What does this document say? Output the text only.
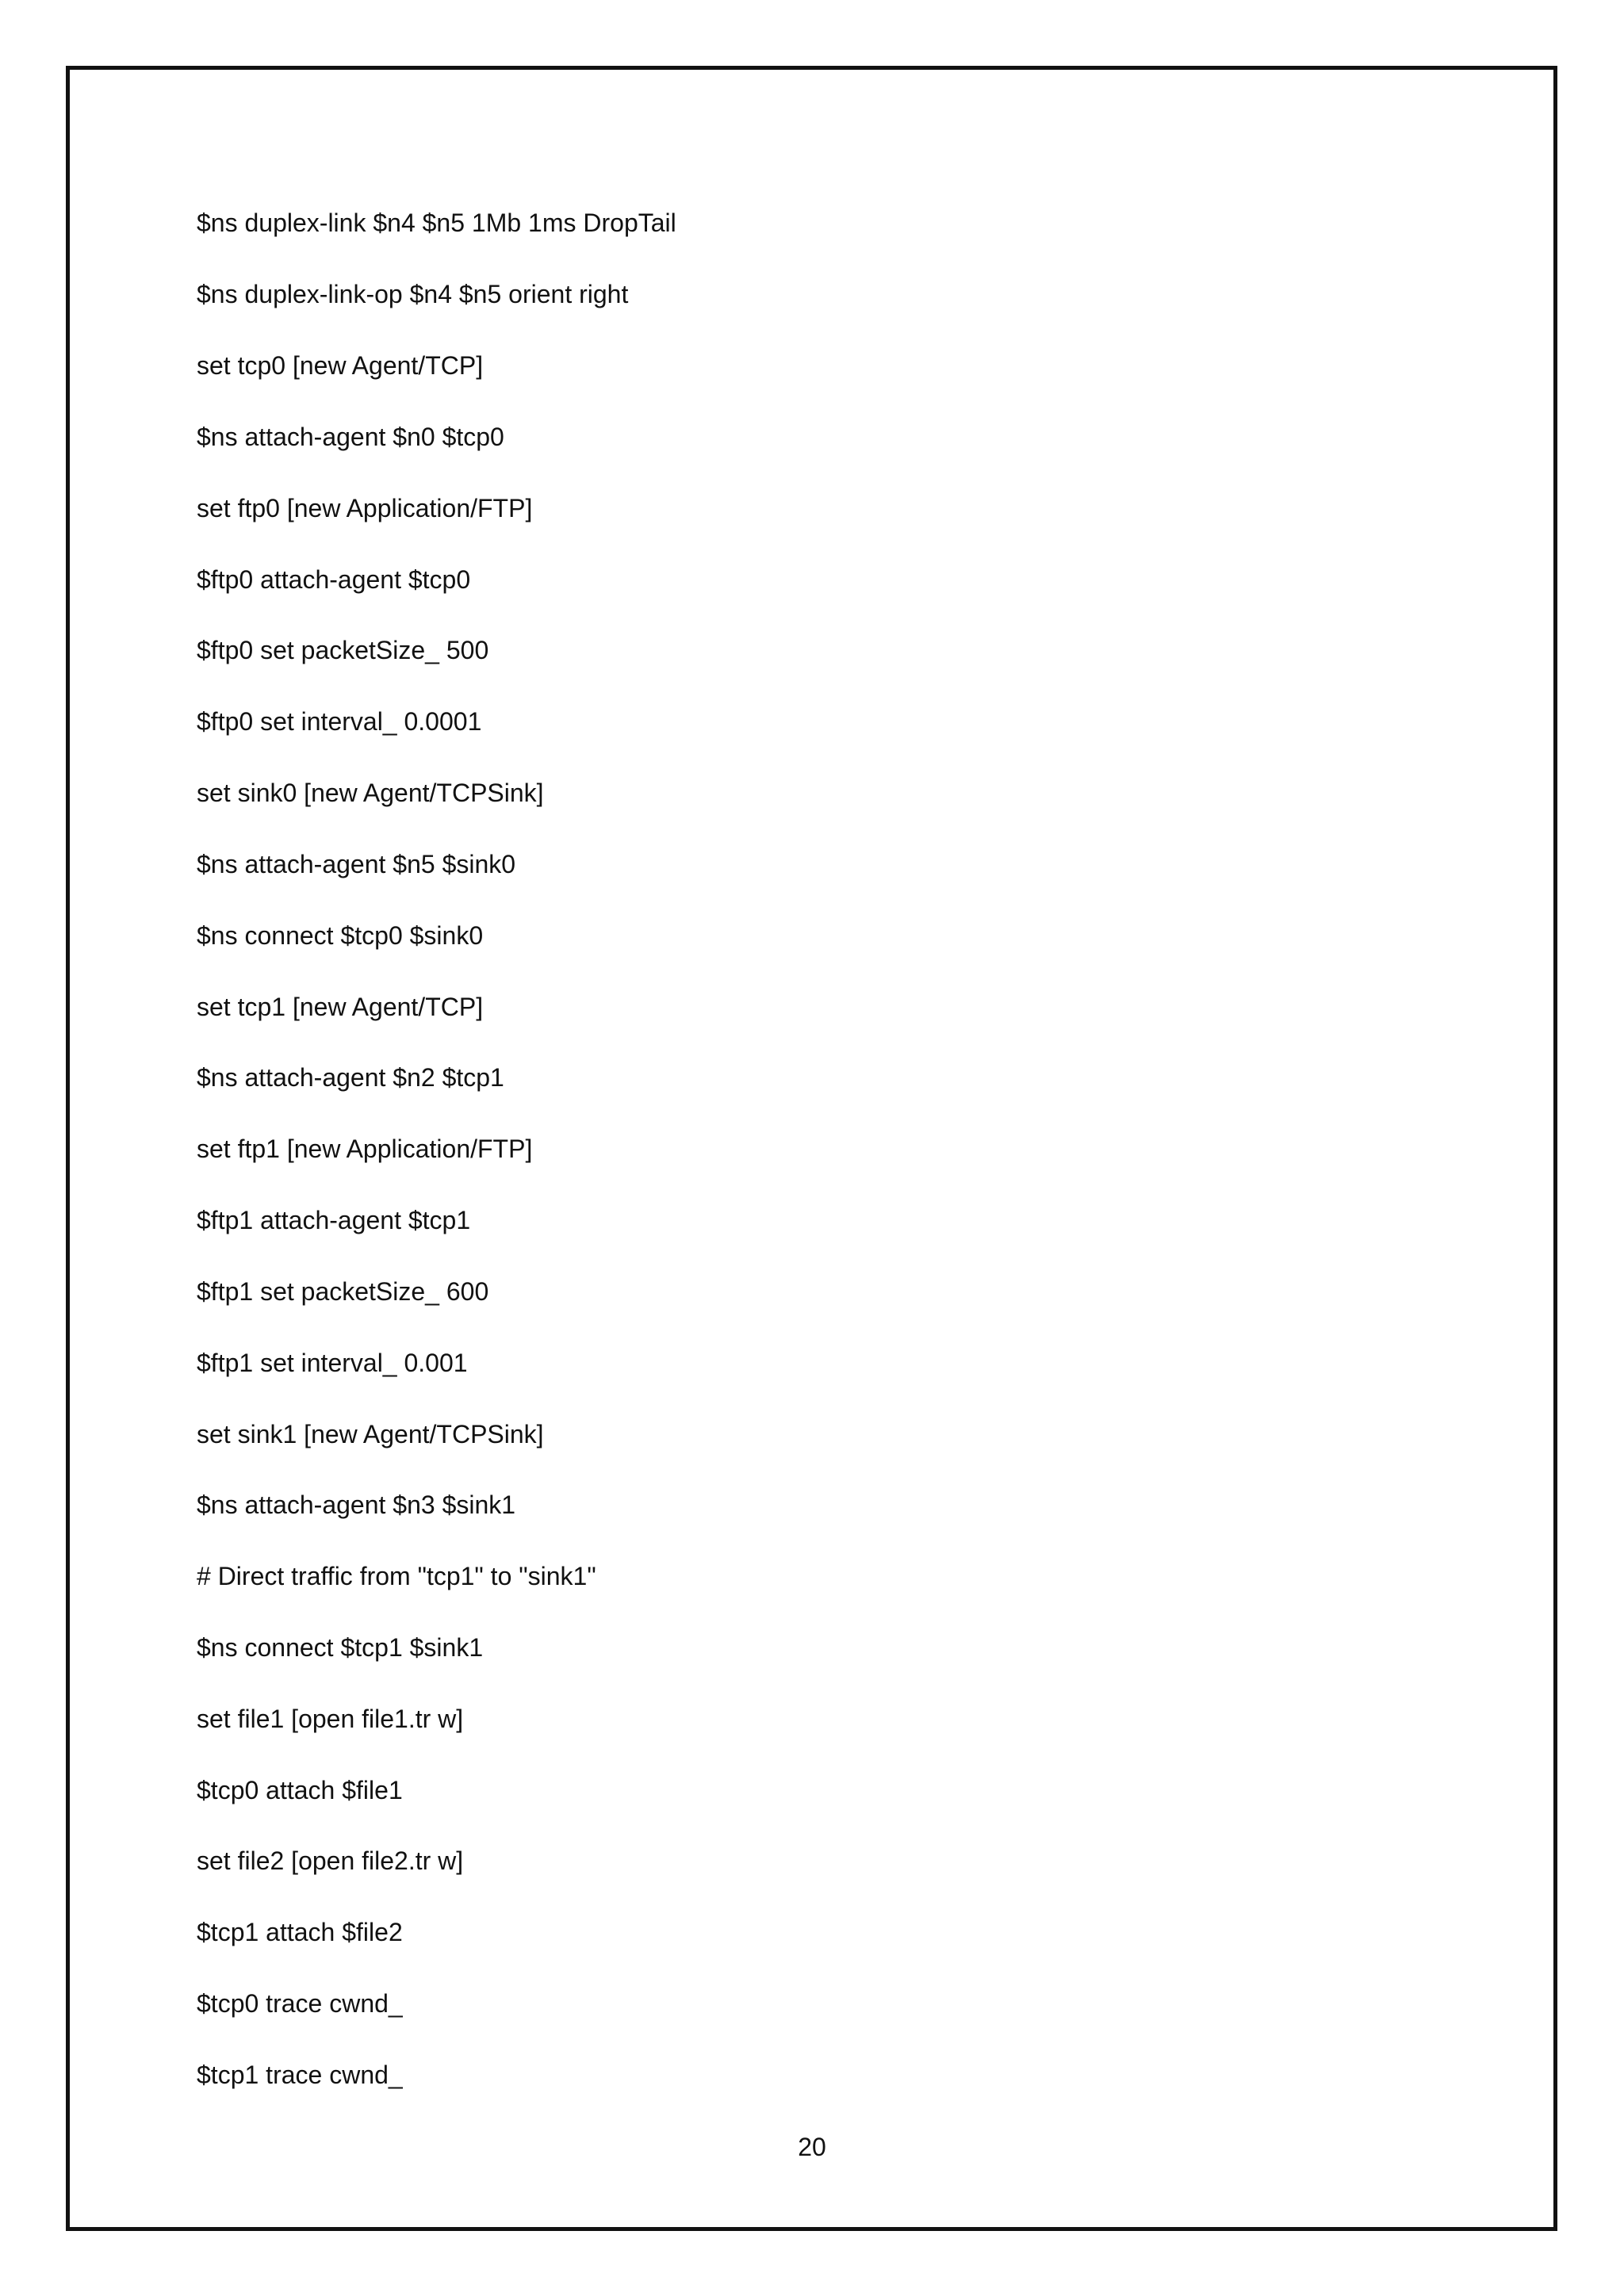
$ns duplex-link $n4 $n5 1Mb 1ms DropTail
$ns duplex-link-op $n4 $n5 orient right
set tcp0 [new Agent/TCP]
$ns attach-agent $n0 $tcp0
set ftp0 [new Application/FTP]
$ftp0 attach-agent $tcp0
$ftp0 set packetSize_ 500
$ftp0 set interval_ 0.0001
set sink0 [new Agent/TCPSink]
$ns attach-agent $n5 $sink0
$ns connect $tcp0 $sink0
set tcp1 [new Agent/TCP]
$ns attach-agent $n2 $tcp1
set ftp1 [new Application/FTP]
$ftp1 attach-agent $tcp1
$ftp1 set packetSize_ 600
$ftp1 set interval_ 0.001
set sink1 [new Agent/TCPSink]
$ns attach-agent $n3 $sink1
# Direct traffic from "tcp1" to "sink1"
$ns connect $tcp1 $sink1
set file1 [open file1.tr w]
$tcp0 attach $file1
set file2 [open file2.tr w]
$tcp1 attach $file2
$tcp0 trace cwnd_
$tcp1 trace cwnd_
20
